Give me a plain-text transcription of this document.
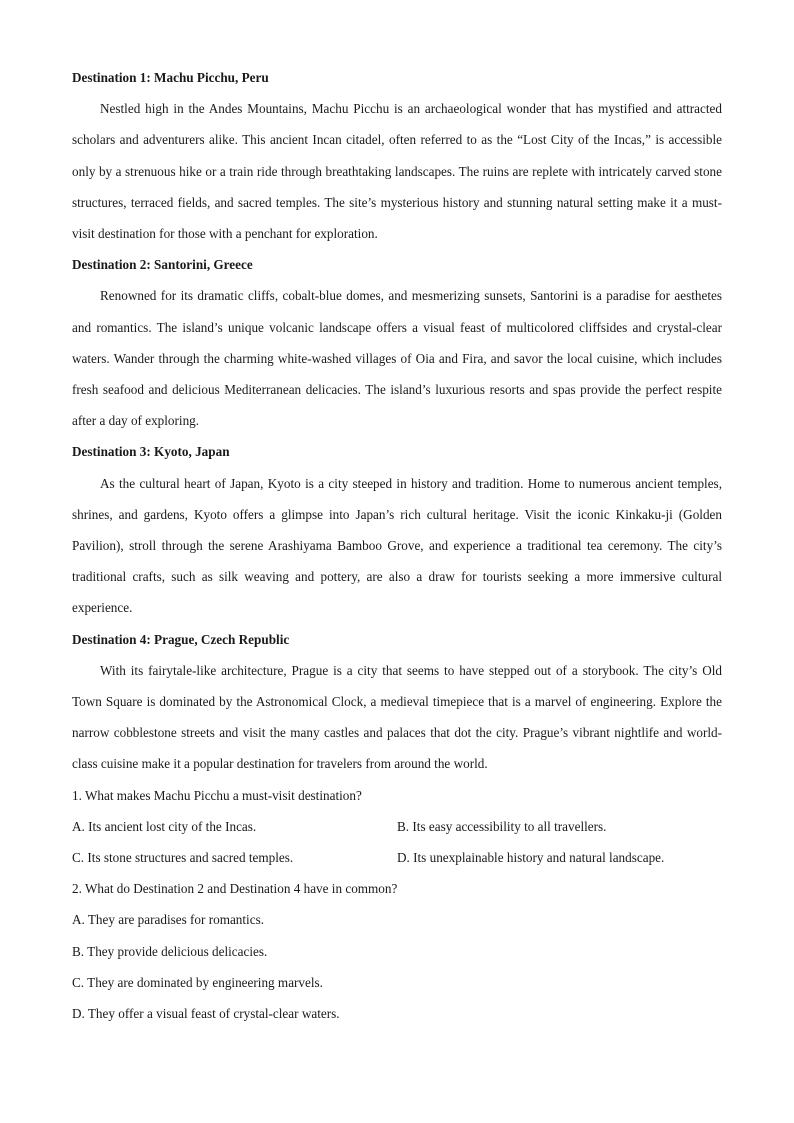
Destination 1: Machu Picchu, Peru

Nestled high in the Andes Mountains, Machu Picchu is an archaeological wonder that has mystified and attracted scholars and adventurers alike. This ancient Incan citadel, often referred to as the “Lost City of the Incas,” is accessible only by a strenuous hike or a train ride through breathtaking landscapes. The ruins are replete with intricately carved stone structures, terraced fields, and sacred temples. The site’s mysterious history and stunning natural setting make it a must-visit destination for those with a penchant for exploration.

Destination 2: Santorini, Greece

Renowned for its dramatic cliffs, cobalt-blue domes, and mesmerizing sunsets, Santorini is a paradise for aesthetes and romantics. The island’s unique volcanic landscape offers a visual feast of multicolored cliffsides and crystal-clear waters. Wander through the charming white-washed villages of Oia and Fira, and savor the local cuisine, which includes fresh seafood and delicious Mediterranean delicacies. The island’s luxurious resorts and spas provide the perfect respite after a day of exploring.

Destination 3: Kyoto, Japan

As the cultural heart of Japan, Kyoto is a city steeped in history and tradition. Home to numerous ancient temples, shrines, and gardens, Kyoto offers a glimpse into Japan’s rich cultural heritage. Visit the iconic Kinkaku-ji (Golden Pavilion), stroll through the serene Arashiyama Bamboo Grove, and experience a traditional tea ceremony. The city’s traditional crafts, such as silk weaving and pottery, are also a draw for tourists seeking a more immersive cultural experience.

Destination 4: Prague, Czech Republic

With its fairytale-like architecture, Prague is a city that seems to have stepped out of a storybook. The city’s Old Town Square is dominated by the Astronomical Clock, a medieval timepiece that is a marvel of engineering. Explore the narrow cobblestone streets and visit the many castles and palaces that dot the city. Prague’s vibrant nightlife and world-class cuisine make it a popular destination for travelers from around the world.

1. What makes Machu Picchu a must-visit destination?

A. Its ancient lost city of the Incas.	B. Its easy accessibility to all travellers.
C. Its stone structures and sacred temples.	D. Its unexplainable history and natural landscape.

2. What do Destination 2 and Destination 4 have in common?

A. They are paradises for romantics.

B. They provide delicious delicacies.

C. They are dominated by engineering marvels.

D. They offer a visual feast of crystal-clear waters.
